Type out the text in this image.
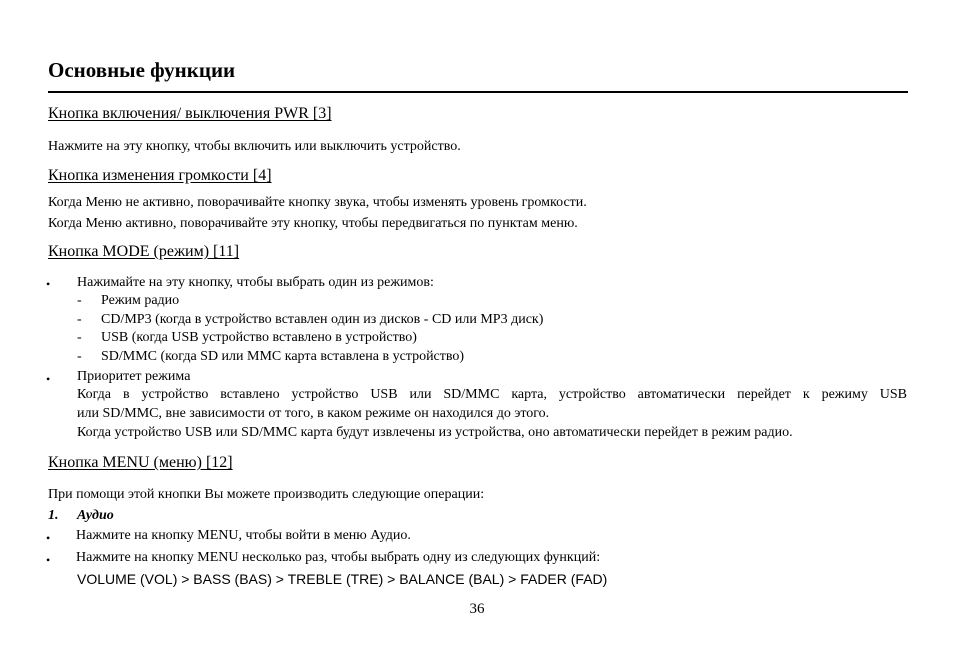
Основные функции
Кнопка включения/ выключения PWR [3]
Нажмите на эту кнопку, чтобы включить или выключить устройство.
Кнопка изменения громкости [4]
Когда Меню не активно, поворачивайте кнопку звука, чтобы изменять уровень громкости.
Когда Меню активно, поворачивайте эту кнопку, чтобы передвигаться по пунктам меню.
Кнопка MODE (режим) [11]
• Нажимайте на эту кнопку, чтобы выбрать один из режимов:
- Режим радио
- CD/MP3 (когда в устройство вставлен один из дисков - CD или MP3 диск)
- USB (когда USB устройство вставлено в устройство)
- SD/MMC (когда SD или MMC карта вставлена в устройство)
• Приоритет режима
Когда в устройство вставлено устройство USB или SD/MMC карта, устройство автоматически перейдет к режиму USB
или SD/MMC, вне зависимости от того, в каком режиме он находился до этого.
Когда устройство USB или SD/MMC карта будут извлечены из устройства, оно автоматически перейдет в режим радио.
Кнопка MENU (меню) [12]
При помощи этой кнопки Вы можете производить следующие операции:
1. Аудио
• Нажмите на кнопку MENU, чтобы войти в меню Аудио.
• Нажмите на кнопку MENU несколько раз, чтобы выбрать одну из следующих функций:
VOLUME (VOL) > BASS (BAS) > TREBLE (TRE) > BALANCE (BAL) > FADER (FAD)
36
